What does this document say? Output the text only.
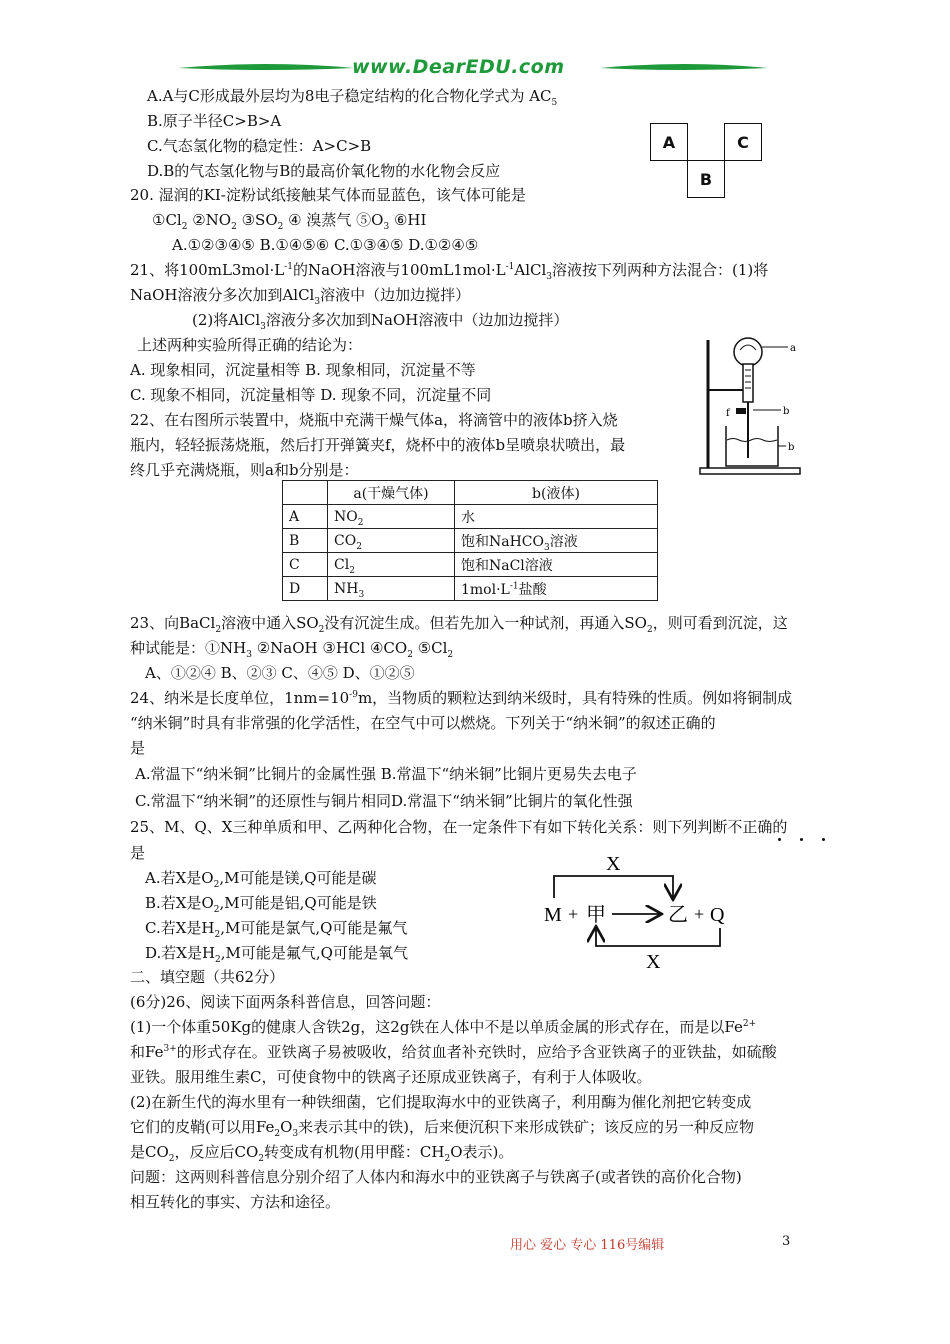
www.DearEDU.com
A.A与C形成最外层均为8电子稳定结构的化合物化学式为 $AC_5$
B.原子半径C>B>A
C.气态氢化物的稳定性：A>C>B
D.B的气态氢化物与B的最高价氧化物的水化物会反应
A	C
B
20. 湿润的KI-淀粉试纸接触某气体而显蓝色，该气体可能是
$①Cl_2$ $②NO_2$ $③SO_2$ ④ 溴蒸气 $⑤O_3$ ⑥HI
A.①②③④⑤ B.①④⑤⑥ C.①③④⑤ D.①②④⑤
21、将$100mL3mol\cdot L^{-1}$的NaOH溶液与$100mL1mol\cdot L^{-1}AlCl_3$溶液按下列两种方法混合：(1)将
NaOH溶液分多次加到AlCl$_3$溶液中（边加边搅拌）
(2)将AlCl$_3$溶液分多次加到NaOH溶液中（边加边搅拌）
上述两种实验所得正确的结论为：
A. 现象相同，沉淀量相等 B. 现象相同，沉淀量不等
C. 现象不相同，沉淀量相等 D. 现象不同，沉淀量不同
a
b
f
b
22、在右图所示装置中，烧瓶中充满干燥气体a，将滴管中的液体b挤入烧
瓶内，轻轻振荡烧瓶，然后打开弹簧夹f，烧杯中的液体b呈喷泉状喷出，最
终几乎充满烧瓶，则a和b分别是：
	a(干燥气体)	b(液体)
A	$NO_2$	水
B	$CO_2$	饱和NaHCO$_3$溶液
C	$Cl_2$	饱和NaCl溶液
D	$NH_3$	$1mol\cdot L^{-1}$盐酸
23、向BaCl$_2$溶液中通入$SO_2$没有沉淀生成。但若先加入一种试剂，再通入$SO_2$，则可看到沉淀，这
种试能是：$①NH_3$ ②NaOH ③HCl $④CO_2$ $⑤Cl_2$
A、①②④ B、②③ C、④⑤ D、①②⑤
24、纳米是长度单位，$1nm=10^{-9}m$，当物质的颗粒达到纳米级时，具有特殊的性质。例如将铜制成
“纳米铜”时具有非常强的化学活性，在空气中可以燃烧。下列关于“纳米铜”的叙述正确的
是
A.常温下“纳米铜”比铜片的金属性强 B.常温下“纳米铜”比铜片更易失去电子
C.常温下“纳米铜”的还原性与铜片相同D.常温下“纳米铜”比铜片的氧化性强
25、M、Q、X三种单质和甲、乙两种化合物，在一定条件下有如下转化关系：则下列判断不正确的
是
A.若X是$O_2,M$可能是镁,Q可能是碳
B.若X是$O_2,M$可能是铝,Q可能是铁
C.若X是$H_2,M$可能是氯气,Q可能是氟气
D.若X是$H_2,M$可能是氟气,Q可能是氧气
X
M + 甲	乙 + Q
X
二、填空题（共62分）
(6分)26、阅读下面两条科普信息，回答问题：
(1)一个体重50Kg的健康人含铁2g，这2g铁在人体中不是以单质金属的形式存在，而是以$Fe^{2+}$
和$Fe^{3+}$的形式存在。亚铁离子易被吸收，给贫血者补充铁时，应给予含亚铁离子的亚铁盐，如硫酸
亚铁。服用维生素C，可使食物中的铁离子还原成亚铁离子，有利于人体吸收。
(2)在新生代的海水里有一种铁细菌，它们提取海水中的亚铁离子，利用酶为催化剂把它转变成
它们的皮鞘(可以用$Fe_2O_3$来表示其中的铁)，后来便沉积下来形成铁矿；该反应的另一种反应物
是$CO_2$，反应后$CO_2$转变成有机物(用甲醛：$CH_2O$表示)。
问题：这两则科普信息分别介绍了人体内和海水中的亚铁离子与铁离子(或者铁的高价化合物)
相互转化的事实、方法和途径。
用心 爱心 专心 116号编辑	3
